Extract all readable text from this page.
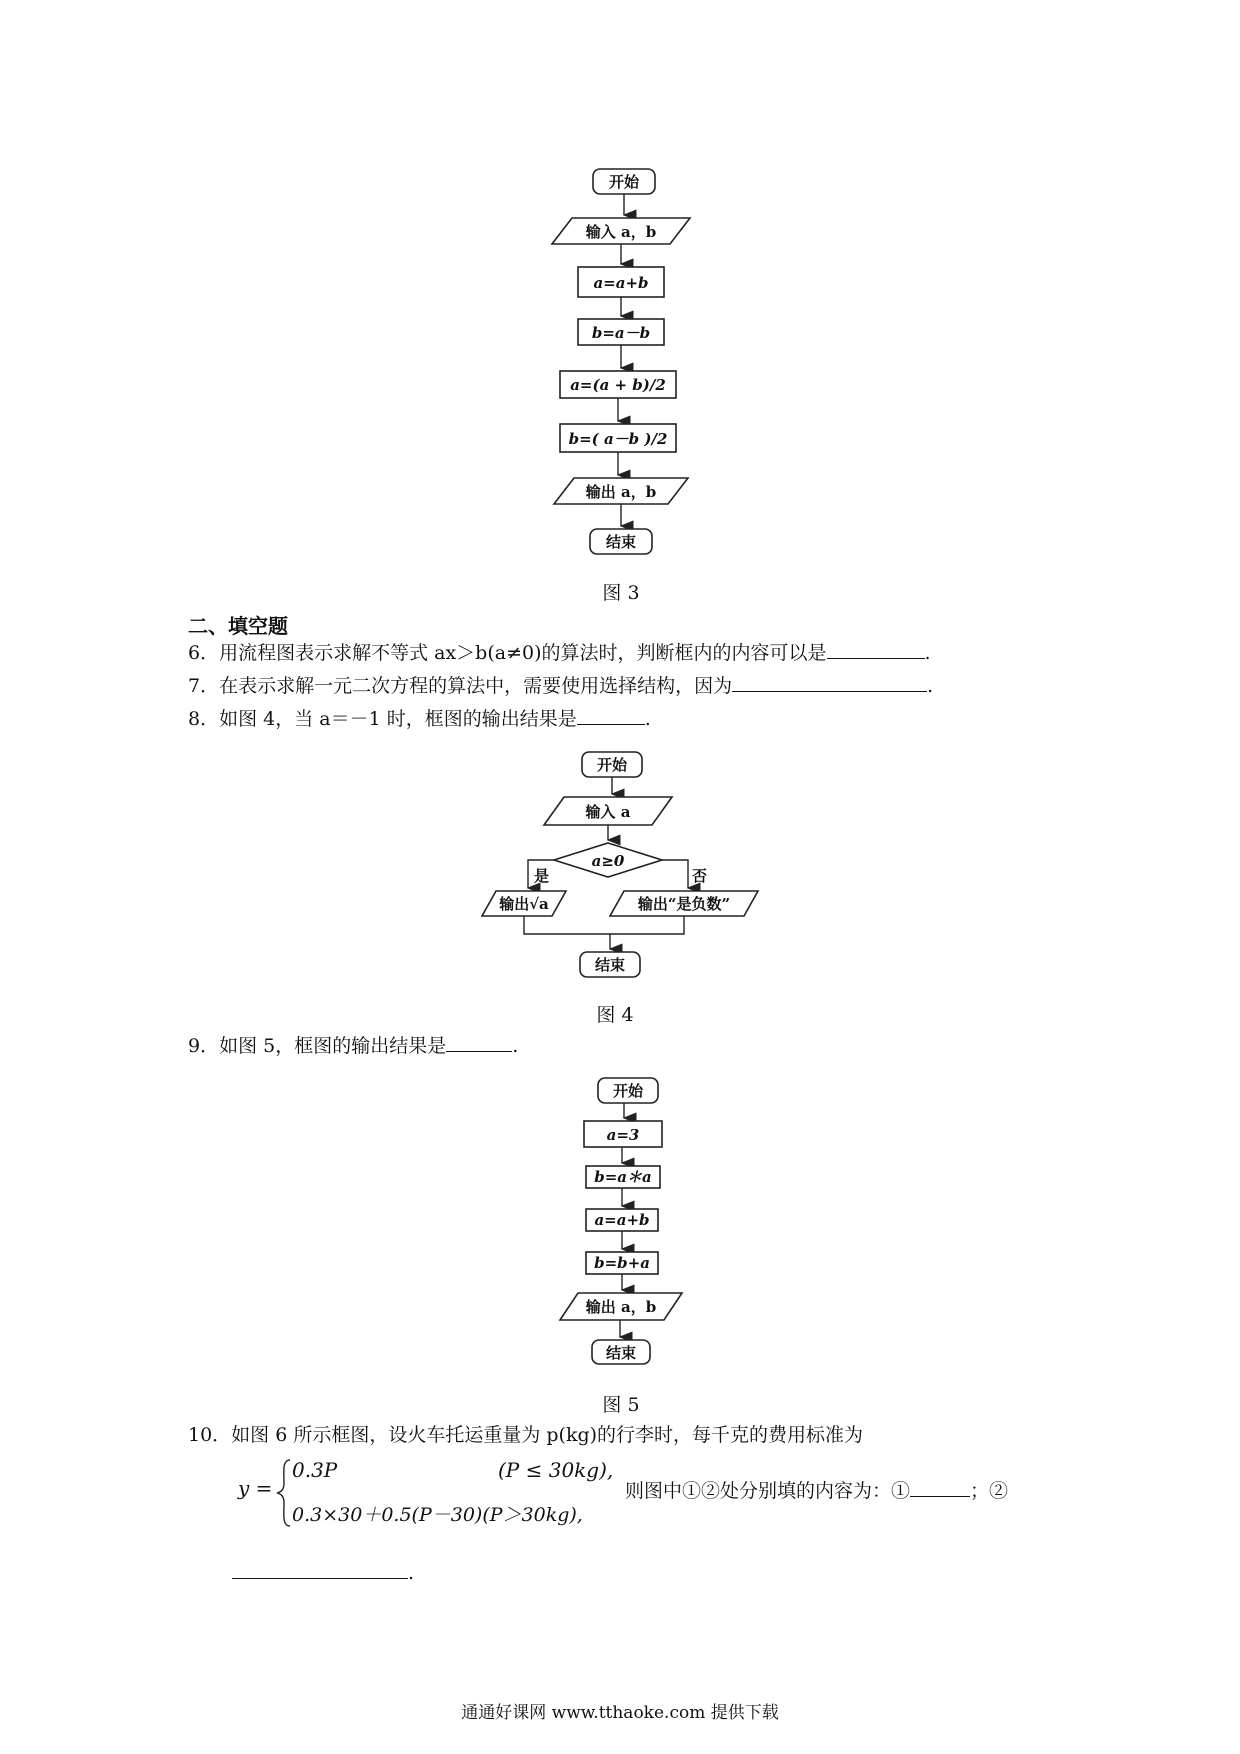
开始
输入 a，b
a=a+b
b=a－b
a=(a + b)/2
b=( a－b )/2
输出 a，b
结束
图 3
二、填空题
6．用流程图表示求解不等式 ax＞b(a≠0)的算法时，判断框内的内容可以是	.
7．在表示求解一元二次方程的算法中，需要使用选择结构，因为	.
8．如图 4，当 a＝－1 时，框图的输出结果是	.
开始
输入 a
a≥0
是	否
输出√a	输出“是负数”
结束
图 4
9．如图 5，框图的输出结果是	.
开始
a=3
b=a＊a
a=a+b
b=b+a
输出 a，b
结束
图 5
10．如图 6 所示框图，设火车托运重量为 p(kg)的行李时，每千克的费用标准为
y =
0.3P	(P ≤ 30kg),
0.3×30＋0.5(P－30)(P＞30kg),
则图中①②处分别填的内容为：①	；②
.
通通好课网 www.tthaoke.com 提供下载
